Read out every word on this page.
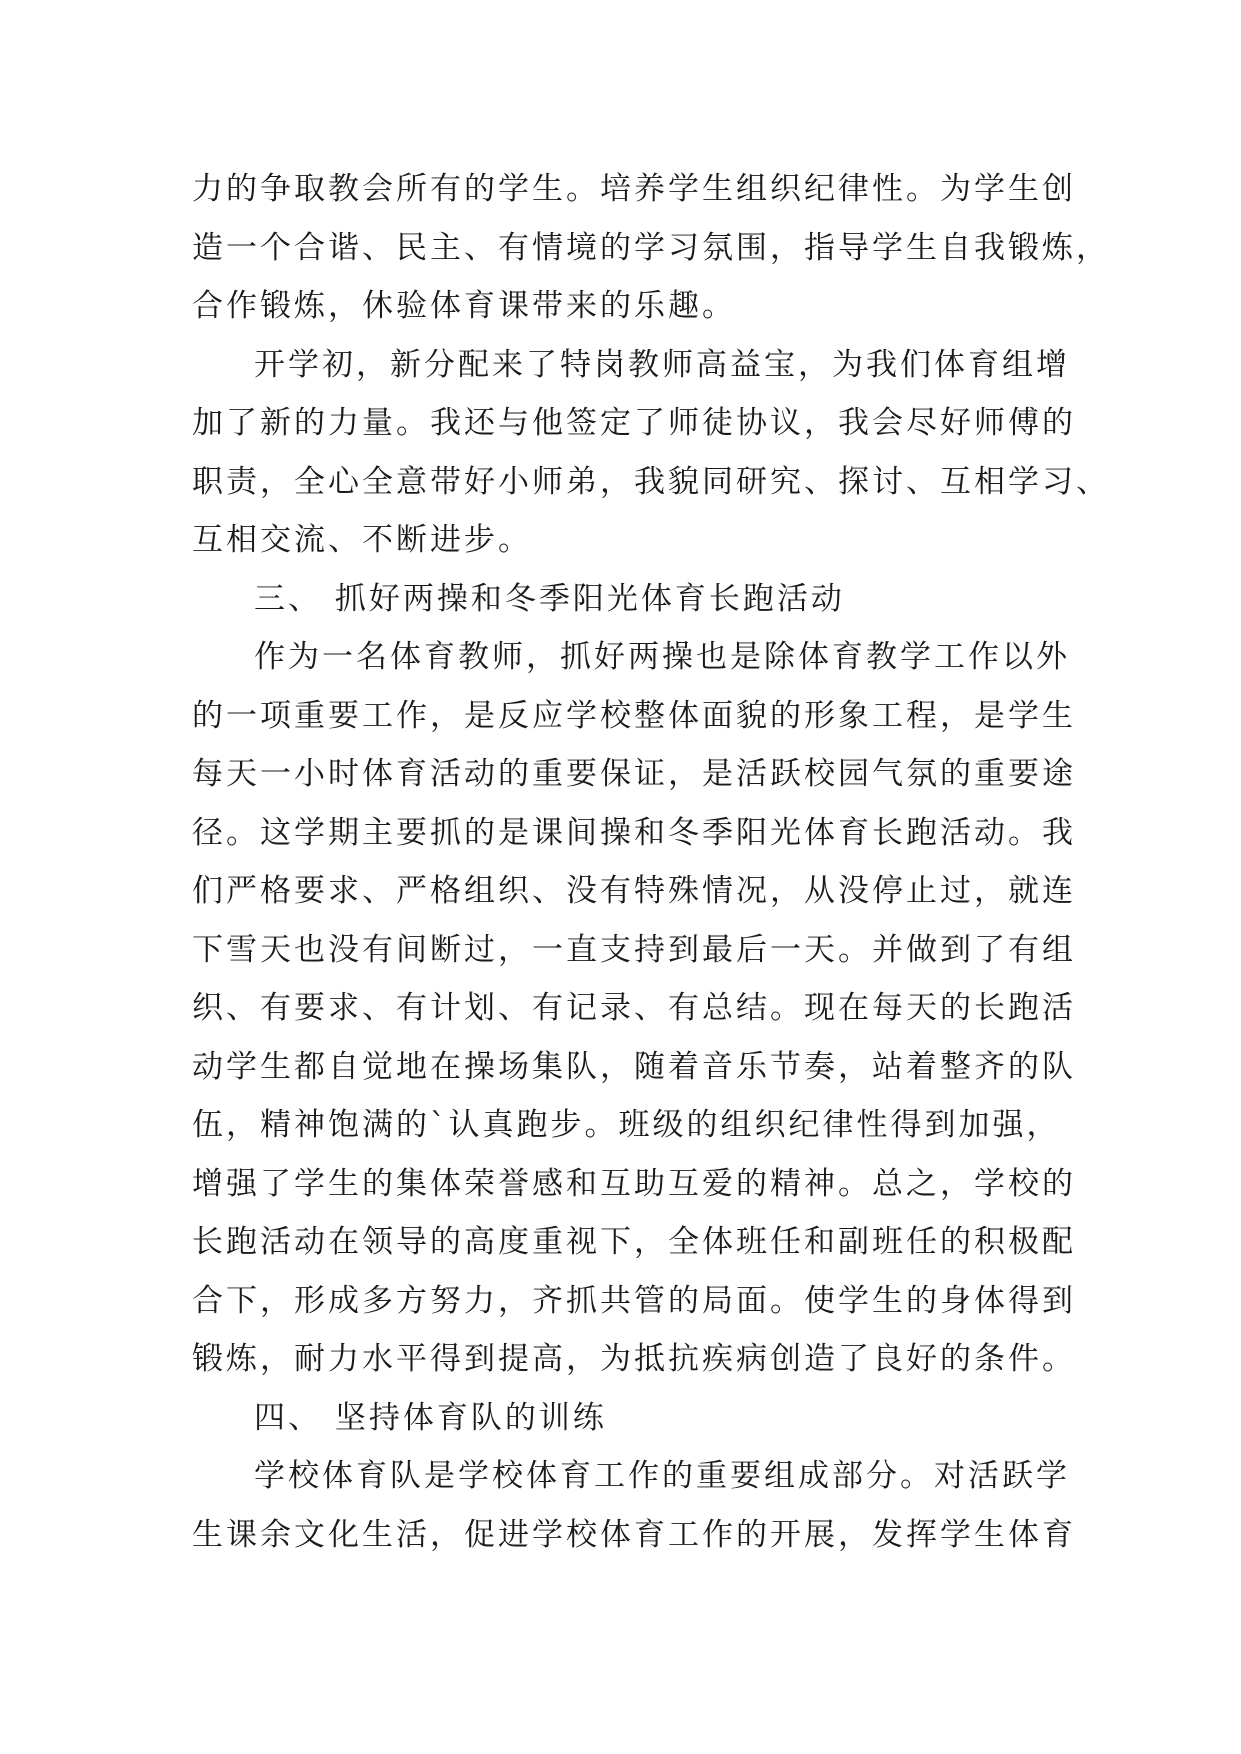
力的争取教会所有的学生。培养学生组织纪律性。为学生创
造一个合谐、民主、有情境的学习氛围，指导学生自我锻炼，
合作锻炼，休验体育课带来的乐趣。
开学初，新分配来了特岗教师高益宝，为我们体育组增
加了新的力量。我还与他签定了师徒协议，我会尽好师傅的
职责，全心全意带好小师弟，我貌同研究、探讨、互相学习、
互相交流、不断进步。
三、 抓好两操和冬季阳光体育长跑活动
作为一名体育教师，抓好两操也是除体育教学工作以外
的一项重要工作，是反应学校整体面貌的形象工程，是学生
每天一小时体育活动的重要保证，是活跃校园气氛的重要途
径。这学期主要抓的是课间操和冬季阳光体育长跑活动。我
们严格要求、严格组织、没有特殊情况，从没停止过，就连
下雪天也没有间断过，一直支持到最后一天。并做到了有组
织、有要求、有计划、有记录、有总结。现在每天的长跑活
动学生都自觉地在操场集队，随着音乐节奏，站着整齐的队
伍，精神饱满的`认真跑步。班级的组织纪律性得到加强，
增强了学生的集体荣誉感和互助互爱的精神。总之，学校的
长跑活动在领导的高度重视下，全体班任和副班任的积极配
合下，形成多方努力，齐抓共管的局面。使学生的身体得到
锻炼，耐力水平得到提高，为抵抗疾病创造了良好的条件。
四、 坚持体育队的训练
学校体育队是学校体育工作的重要组成部分。对活跃学
生课余文化生活，促进学校体育工作的开展，发挥学生体育
